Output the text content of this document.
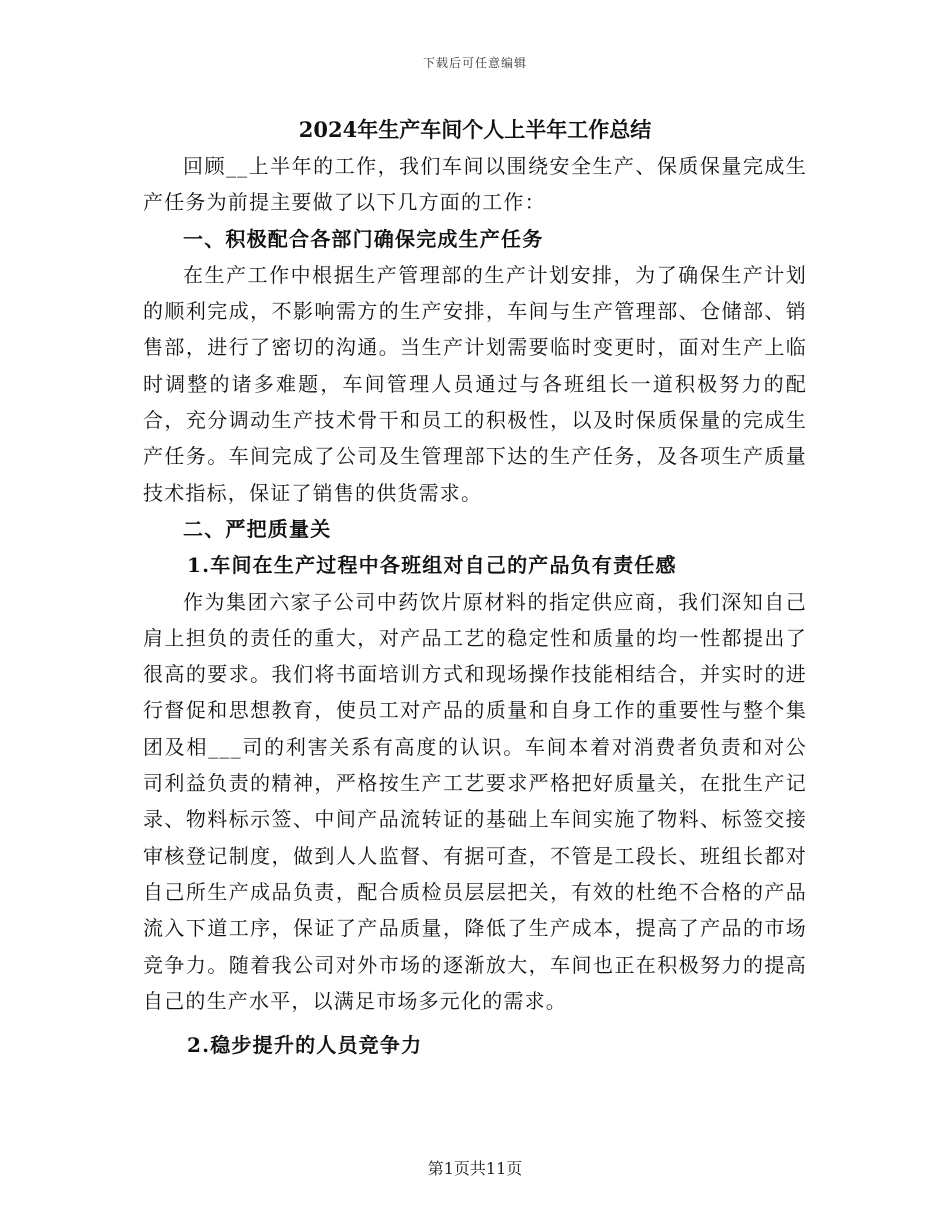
下载后可任意编辑
2024年生产车间个人上半年工作总结

回顾__上半年的工作，我们车间以围绕安全生产、保质保量完成生产任务为前提主要做了以下几方面的工作：

一、积极配合各部门确保完成生产任务

在生产工作中根据生产管理部的生产计划安排，为了确保生产计划的顺利完成，不影响需方的生产安排，车间与生产管理部、仓储部、销售部，进行了密切的沟通。当生产计划需要临时变更时，面对生产上临时调整的诸多难题，车间管理人员通过与各班组长一道积极努力的配合，充分调动生产技术骨干和员工的积极性，以及时保质保量的完成生产任务。车间完成了公司及生管理部下达的生产任务，及各项生产质量技术指标，保证了销售的供货需求。

二、严把质量关

1.车间在生产过程中各班组对自己的产品负有责任感

作为集团六家子公司中药饮片原材料的指定供应商，我们深知自己肩上担负的责任的重大，对产品工艺的稳定性和质量的均一性都提出了很高的要求。我们将书面培训方式和现场操作技能相结合，并实时的进行督促和思想教育，使员工对产品的质量和自身工作的重要性与整个集团及相___司的利害关系有高度的认识。车间本着对消费者负责和对公司利益负责的精神，严格按生产工艺要求严格把好质量关，在批生产记录、物料标示签、中间产品流转证的基础上车间实施了物料、标签交接审核登记制度，做到人人监督、有据可查，不管是工段长、班组长都对自己所生产成品负责，配合质检员层层把关，有效的杜绝不合格的产品流入下道工序，保证了产品质量，降低了生产成本，提高了产品的市场竞争力。随着我公司对外市场的逐渐放大，车间也正在积极努力的提高自己的生产水平，以满足市场多元化的需求。

2.稳步提升的人员竞争力

第1页共11页
